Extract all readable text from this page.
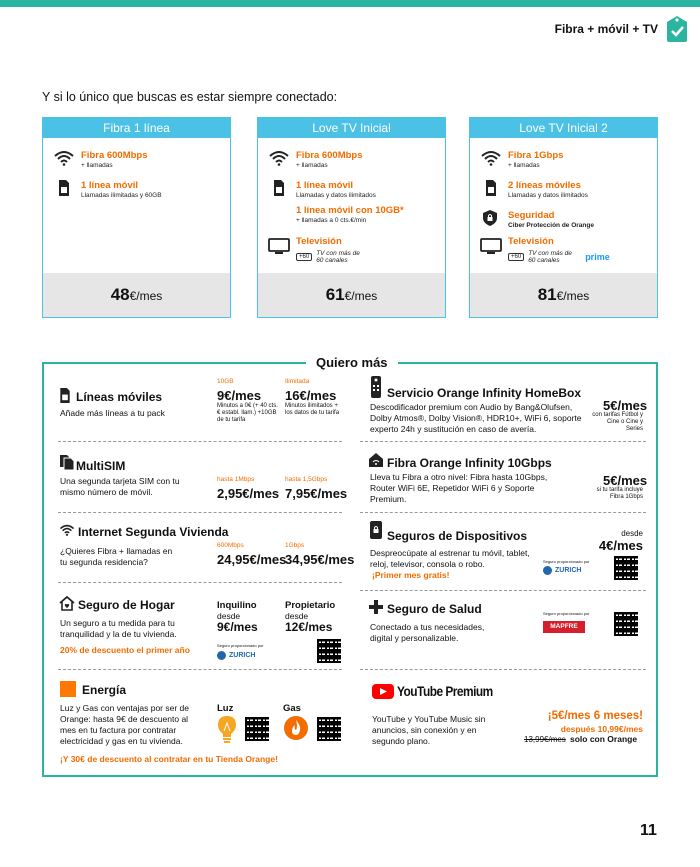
Fibra + móvil + TV
Y si lo único que buscas es estar siempre conectado:
Fibra 1 línea
Fibra 600Mbps
+ llamadas
1 línea móvil
Llamadas ilimitadas y 60GB
48€/mes
Love TV Inicial
Fibra 600Mbps
+ llamadas
1 línea móvil
Llamadas y datos ilimitados
1 línea móvil con 10GB*
+ llamadas a 0 cts.€/min
Televisión
+60	TV con más de 60 canales
61€/mes
Love TV Inicial 2
Fibra 1Gbps
+ llamadas
2 líneas móviles
Llamadas y datos ilimitados
Seguridad
Ciber Protección de Orange
Televisión
+60	TV con más de 60 canales	prime
81€/mes
Quiero más
Líneas móviles
Añade más líneas a tu pack
10GB
9€/mes
Minutos a 0€ (+ 40 cts.€ establ. llam.) +10GB de tu tarifa
Ilimitada
16€/mes
Minutos ilimitados + los datos de tu tarifa
MultiSIM
Una segunda tarjeta SIM con tu mismo número de móvil.
hasta 1Mbps
2,95€/mes
hasta 1,5Gbps
7,95€/mes
Internet Segunda Vivienda
¿Quieres Fibra + llamadas en tu segunda residencia?
600Mbps
24,95€/mes
1Gbps
34,95€/mes
Seguro de Hogar
Un seguro a tu medida para tu tranquilidad y la de tu vivienda.
20% de descuento el primer año
Inquilino
desde
9€/mes
Propietario
desde
12€/mes
Seguro proporcionado por
ZURICH
Energía
Luz y Gas con ventajas por ser de Orange: hasta 9€ de descuento al mes en tu factura por contratar electricidad y gas en tu vivienda.
Luz	Gas
¡Y 30€ de descuento al contratar en tu Tienda Orange!
Servicio Orange Infinity HomeBox
Descodificador premium con Audio by Bang&Olufsen, Dolby Atmos®, Dolby Vision®, HDR10+, WiFi 6, soporte experto 24h y sustitución en caso de avería.
5€/mes
con tarifas Fútbol y Cine o Cine y Series
Fibra Orange Infinity 10Gbps
Lleva tu Fibra a otro nivel: Fibra hasta 10Gbps, Router WiFi 6E, Repetidor WiFi 6 y Soporte Premium.
5€/mes
si tu tarifa incluye Fibra 1Gbps
Seguros de Dispositivos
Despreocúpate al estrenar tu móvil, tablet, reloj, televisor, consola o robo.
¡Primer mes gratis!
desde
4€/mes
Seguro proporcionado por
ZURICH
Seguro de Salud
Conectado a tus necesidades, digital y personalizable.
Seguro proporcionado por
MAPFRE
YouTube Premium
YouTube y YouTube Music sin anuncios, sin conexión y en segundo plano.
¡5€/mes 6 meses!
después 10,99€/mes
13,99€/mes solo con Orange
11
